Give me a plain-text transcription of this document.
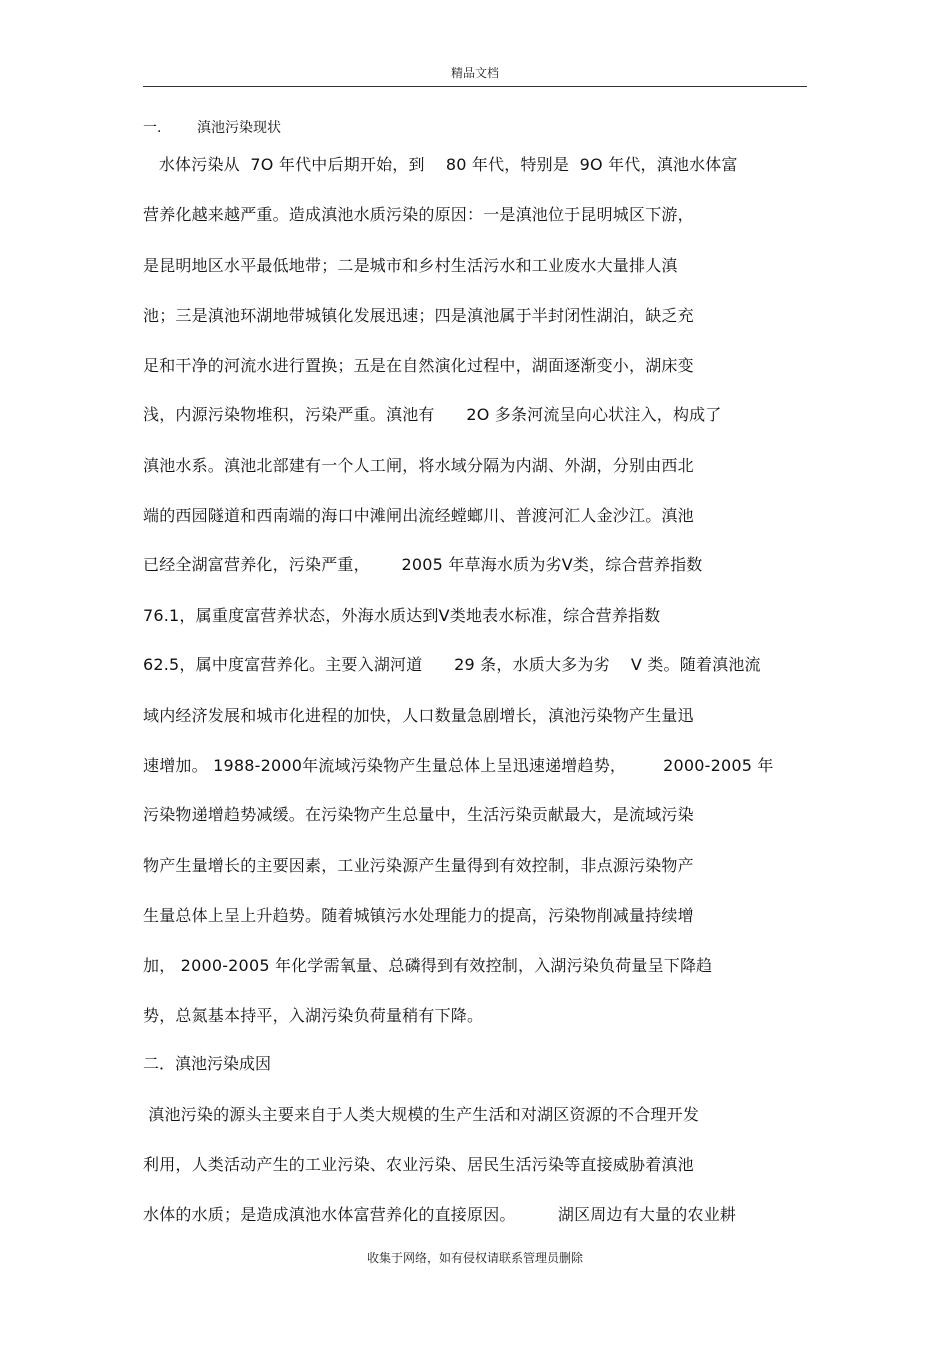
精品文档
一.        滇池污染现状
水体污染从  7O 年代中后期开始，到    80 年代，特别是  9O 年代，滇池水体富
营养化越来越严重。造成滇池水质污染的原因：一是滇池位于昆明城区下游，
是昆明地区水平最低地带；二是城市和乡村生活污水和工业废水大量排人滇
池；三是滇池环湖地带城镇化发展迅速；四是滇池属于半封闭性湖泊，缺乏充
足和干净的河流水进行置换；五是在自然演化过程中，湖面逐渐变小，湖床变
浅，内源污染物堆积，污染严重。滇池有      2O 多条河流呈向心状注入，构成了
滇池水系。滇池北部建有一个人工闸，将水域分隔为内湖、外湖，分别由西北
端的西园隧道和西南端的海口中滩闸出流经螳螂川、普渡河汇人金沙江。滇池
已经全湖富营养化，污染严重，      2005 年草海水质为劣Ⅴ类，综合营养指数
76.1，属重度富营养状态，外海水质达到Ⅴ类地表水标准，综合营养指数
62.5，属中度富营养化。主要入湖河道      29 条，水质大多为劣    V 类。随着滇池流
域内经济发展和城市化进程的加快，人口数量急剧增长，滇池污染物产生量迅
速增加。 1988-2000年流域污染物产生量总体上呈迅速递增趋势，       2000-2005 年
污染物递增趋势减缓。在污染物产生总量中，生活污染贡献最大，是流域污染
物产生量增长的主要因素，工业污染源产生量得到有效控制，非点源污染物产
生量总体上呈上升趋势。随着城镇污水处理能力的提高，污染物削减量持续增
加， 2000-2005 年化学需氧量、总磷得到有效控制，入湖污染负荷量呈下降趋
势，总氮基本持平，入湖污染负荷量稍有下降。
二．滇池污染成因
滇池污染的源头主要来自于人类大规模的生产生活和对湖区资源的不合理开发
利用，人类活动产生的工业污染、农业污染、居民生活污染等直接威胁着滇池
水体的水质；是造成滇池水体富营养化的直接原因。        湖区周边有大量的农业耕
收集于网络，如有侵权请联系管理员删除
